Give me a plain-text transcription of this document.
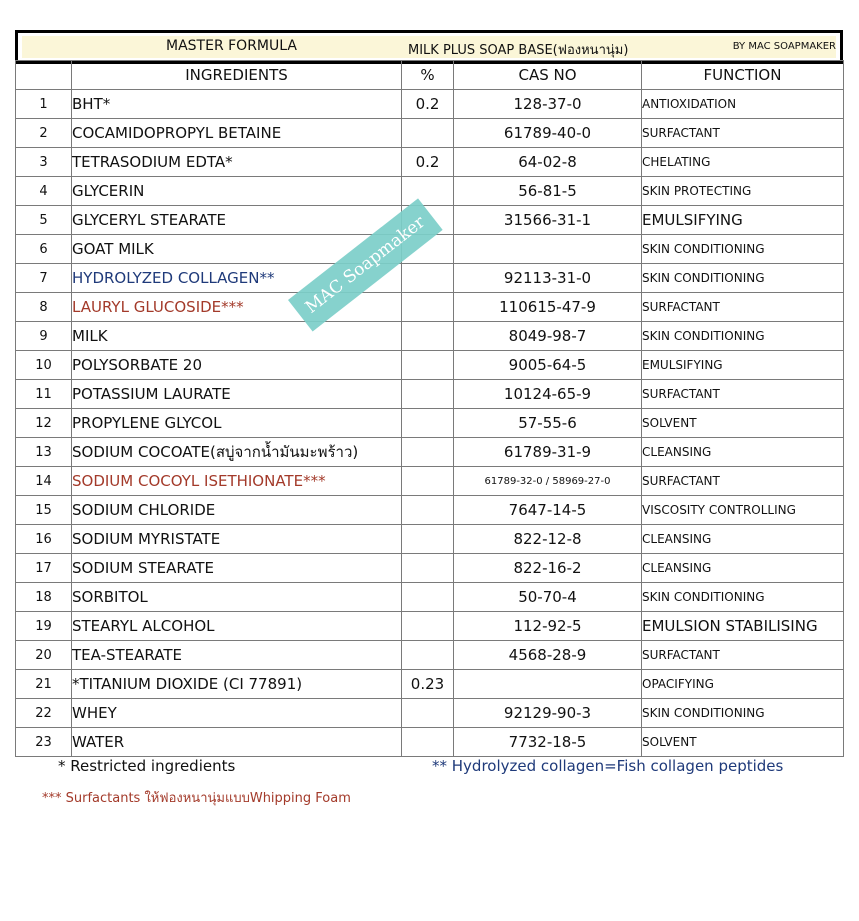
MASTER FORMULA	MILK PLUS SOAP BASE(ฟองหนานุ่ม)	BY MAC SOAPMAKER
	INGREDIENTS	%	CAS NO	FUNCTION
1	BHT*	0.2	128-37-0	ANTIOXIDATION
2	COCAMIDOPROPYL BETAINE		61789-40-0	SURFACTANT
3	TETRASODIUM EDTA*	0.2	64-02-8	CHELATING
4	GLYCERIN		56-81-5	SKIN PROTECTING
5	GLYCERYL STEARATE		31566-31-1	EMULSIFYING
6	GOAT MILK			SKIN CONDITIONING
7	HYDROLYZED COLLAGEN**		92113-31-0	SKIN CONDITIONING
8	LAURYL GLUCOSIDE***		110615-47-9	SURFACTANT
9	MILK		8049-98-7	SKIN CONDITIONING
10	POLYSORBATE 20		9005-64-5	EMULSIFYING
11	POTASSIUM LAURATE		10124-65-9	SURFACTANT
12	PROPYLENE GLYCOL		57-55-6	SOLVENT
13	SODIUM COCOATE(สบู่จากน้ำมันมะพร้าว)		61789-31-9	CLEANSING
14	SODIUM COCOYL ISETHIONATE***		61789-32-0 / 58969-27-0	SURFACTANT
15	SODIUM CHLORIDE		7647-14-5	VISCOSITY CONTROLLING
16	SODIUM MYRISTATE		822-12-8	CLEANSING
17	SODIUM STEARATE		822-16-2	CLEANSING
18	SORBITOL		50-70-4	SKIN CONDITIONING
19	STEARYL ALCOHOL		112-92-5	EMULSION STABILISING
20	TEA-STEARATE		4568-28-9	SURFACTANT
21	*TITANIUM DIOXIDE (CI 77891)	0.23		OPACIFYING
22	WHEY		92129-90-3	SKIN CONDITIONING
23	WATER		7732-18-5	SOLVENT
MAC Soapmaker
* Restricted ingredients	** Hydrolyzed collagen=Fish collagen peptides
*** Surfactants ให้ฟองหนานุ่มแบบWhipping Foam
